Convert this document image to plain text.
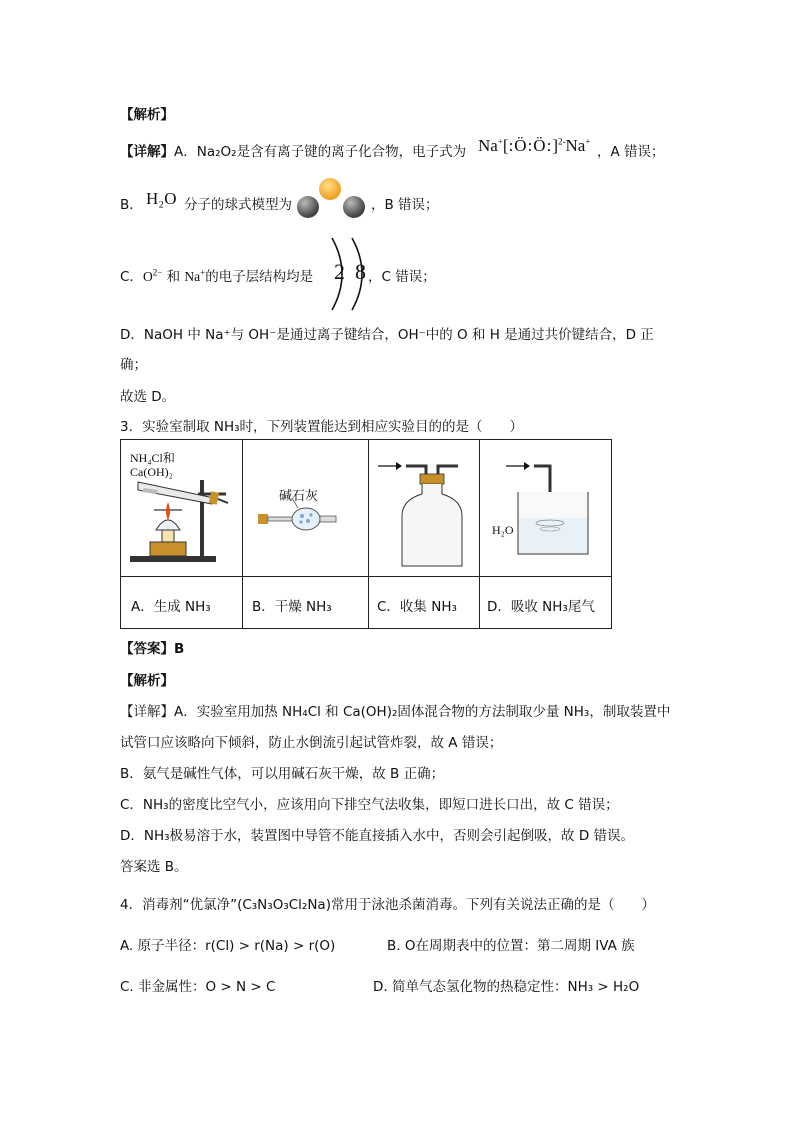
【解析】
【详解】A．Na₂O₂是含有离子键的离子化合物，电子式为 Na+[:Ö:Ö:]$^{2-}$Na+
，A 错误；
B． H₂O 分子的球式模型为	，B 错误；
C．$O^{2-}$ 和 Na+的电子层结构均是 2 8 ，C 错误；
D．NaOH 中 Na⁺与 OH⁻是通过离子键结合，OH⁻中的 O 和 H 是通过共价键结合，D 正
确；
故选 D。
3．实验室制取 NH₃时，下列装置能达到相应实验目的的是（　　）
NH₄Cl和
Ca(OH)₂
碱石灰
H₂O
A．生成 NH₃	B．干燥 NH₃	C．收集 NH₃ D．吸收 NH₃尾气
【答案】B
【解析】
【详解】A．实验室用加热 NH₄Cl 和 Ca(OH)₂固体混合物的方法制取少量 NH₃，制取装置中
试管口应该略向下倾斜，防止水倒流引起试管炸裂，故 A 错误；
B．氨气是碱性气体，可以用碱石灰干燥，故 B 正确；
C．NH₃的密度比空气小，应该用向下排空气法收集，即短口进长口出，故 C 错误；
D．NH₃极易溶于水，装置图中导管不能直接插入水中，否则会引起倒吸，故 D 错误。
答案选 B。
4．消毒剂“优氯净”(C₃N₃O₃Cl₂Na)常用于泳池杀菌消毒。下列有关说法正确的是（　　）
A. 原子半径：r(Cl) > r(Na) > r(O)	B. O在周期表中的位置：第二周期 IVA 族
C. 非金属性：O > N > C	D. 简单气态氢化物的热稳定性：NH₃ > H₂O
